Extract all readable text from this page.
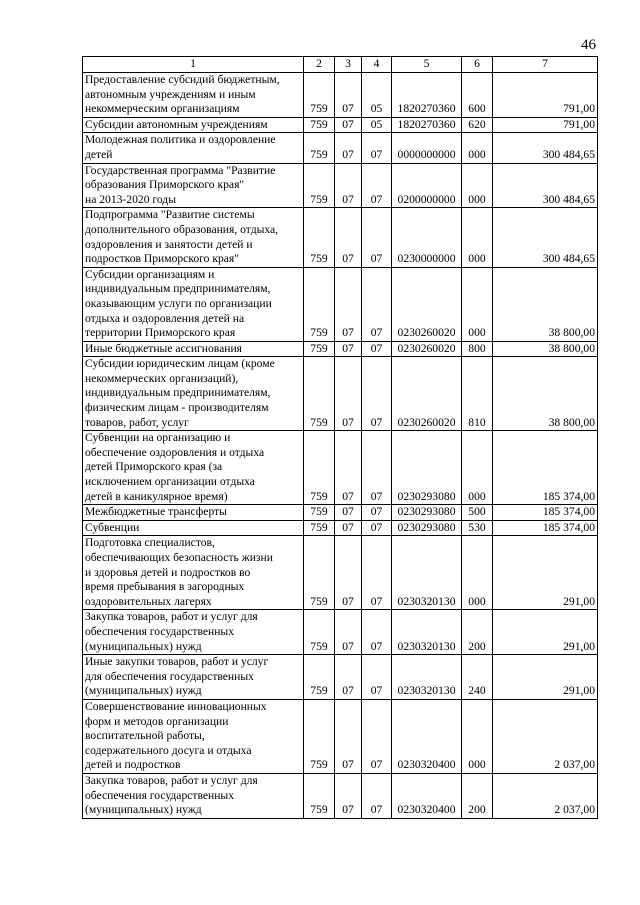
46
1	2	3	4	5	6	7

Предоставление субсидий бюджетным,
автономным учреждениям и иным
некоммерческим организациям	759	07	05	1820270360	600	791,00

Субсидии автономным учреждениям	759	07	05	1820270360	620	791,00

Молодежная политика и оздоровление
детей	759	07	07	0000000000	000	300 484,65

Государственная программа "Развитие
образования Приморского края"
на 2013-2020 годы	759	07	07	0200000000	000	300 484,65

Подпрограмма "Развитие системы
дополнительного образования, отдыха,
оздоровления и занятости детей и
подростков Приморского края"	759	07	07	0230000000	000	300 484,65

Субсидии организациям и
индивидуальным предпринимателям,
оказывающим услуги по организации
отдыха и оздоровления детей на
территории Приморского края	759	07	07	0230260020	000	38 800,00

Иные бюджетные ассигнования	759	07	07	0230260020	800	38 800,00

Субсидии юридическим лицам (кроме
некоммерческих организаций),
индивидуальным предпринимателям,
физическим лицам - производителям
товаров, работ, услуг	759	07	07	0230260020	810	38 800,00

Субвенции на организацию и
обеспечение оздоровления и отдыха
детей Приморского края (за
исключением организации отдыха
детей в каникулярное время)	759	07	07	0230293080	000	185 374,00

Межбюджетные трансферты	759	07	07	0230293080	500	185 374,00

Субвенции	759	07	07	0230293080	530	185 374,00

Подготовка специалистов,
обеспечивающих безопасность жизни
и здоровья детей и подростков во
время пребывания в загородных
оздоровительных лагерях	759	07	07	0230320130	000	291,00

Закупка товаров, работ и услуг для
обеспечения государственных
(муниципальных) нужд	759	07	07	0230320130	200	291,00

Иные закупки товаров, работ и услуг
для обеспечения государственных
(муниципальных) нужд	759	07	07	0230320130	240	291,00

Совершенствование инновационных
форм и методов организации
воспитательной работы,
содержательного досуга и отдыха
детей и подростков	759	07	07	0230320400	000	2 037,00

Закупка товаров, работ и услуг для
обеспечения государственных
(муниципальных) нужд	759	07	07	0230320400	200	2 037,00
